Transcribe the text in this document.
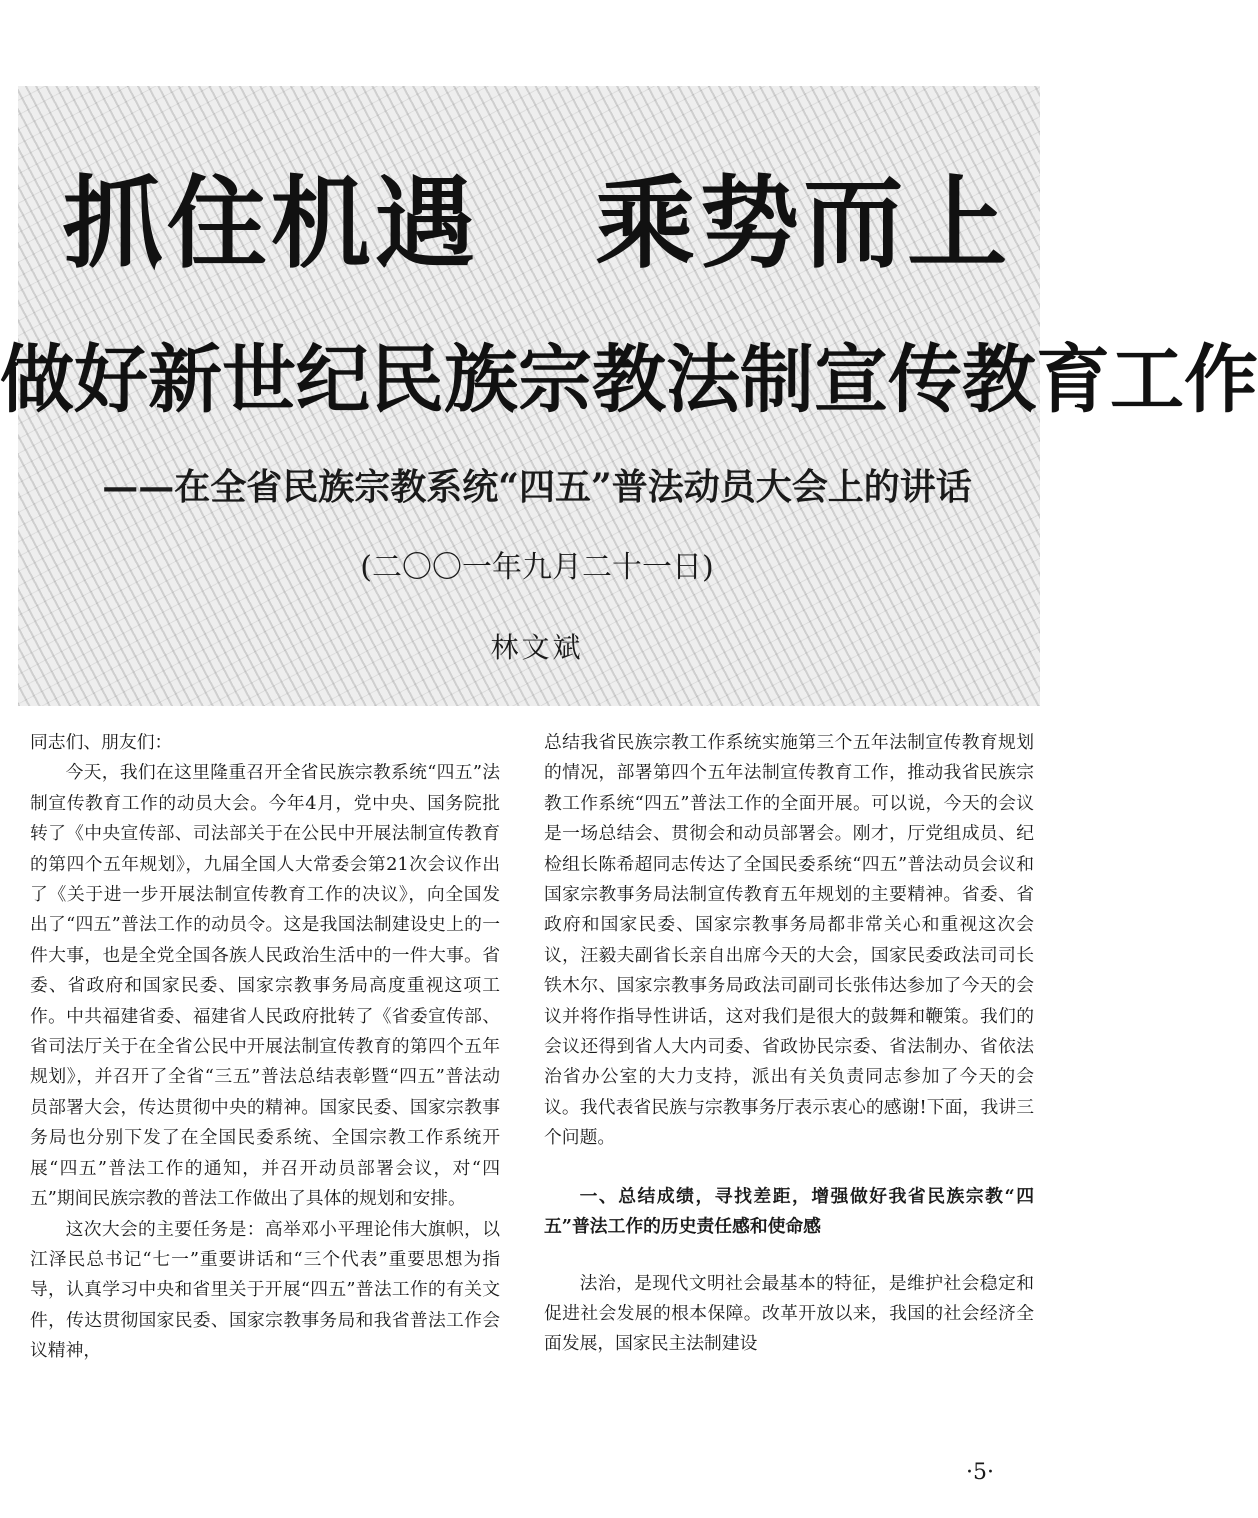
抓住机遇   乘势而上
做好新世纪民族宗教法制宣传教育工作
——在全省民族宗教系统“四五”普法动员大会上的讲话
(二〇〇一年九月二十一日)
林文斌

同志们、朋友们：

今天，我们在这里隆重召开全省民族宗教系统“四五”法制宣传教育工作的动员大会。今年4月，党中央、国务院批转了《中央宣传部、司法部关于在公民中开展法制宣传教育的第四个五年规划》，九届全国人大常委会第21次会议作出了《关于进一步开展法制宣传教育工作的决议》，向全国发出了“四五”普法工作的动员令。这是我国法制建设史上的一件大事，也是全党全国各族人民政治生活中的一件大事。省委、省政府和国家民委、国家宗教事务局高度重视这项工作。中共福建省委、福建省人民政府批转了《省委宣传部、省司法厅关于在全省公民中开展法制宣传教育的第四个五年规划》，并召开了全省“三五”普法总结表彰暨“四五”普法动员部署大会，传达贯彻中央的精神。国家民委、国家宗教事务局也分别下发了在全国民委系统、全国宗教工作系统开展“四五”普法工作的通知，并召开动员部署会议，对“四五”期间民族宗教的普法工作做出了具体的规划和安排。

这次大会的主要任务是：高举邓小平理论伟大旗帜，以江泽民总书记“七一”重要讲话和“三个代表”重要思想为指导，认真学习中央和省里关于开展“四五”普法工作的有关文件，传达贯彻国家民委、国家宗教事务局和我省普法工作会议精神，

总结我省民族宗教工作系统实施第三个五年法制宣传教育规划的情况，部署第四个五年法制宣传教育工作，推动我省民族宗教工作系统“四五”普法工作的全面开展。可以说，今天的会议是一场总结会、贯彻会和动员部署会。刚才，厅党组成员、纪检组长陈希超同志传达了全国民委系统“四五”普法动员会议和国家宗教事务局法制宣传教育五年规划的主要精神。省委、省政府和国家民委、国家宗教事务局都非常关心和重视这次会议，汪毅夫副省长亲自出席今天的大会，国家民委政法司司长铁木尔、国家宗教事务局政法司副司长张伟达参加了今天的会议并将作指导性讲话，这对我们是很大的鼓舞和鞭策。我们的会议还得到省人大内司委、省政协民宗委、省法制办、省依法治省办公室的大力支持，派出有关负责同志参加了今天的会议。我代表省民族与宗教事务厅表示衷心的感谢!下面，我讲三个问题。

一、总结成绩，寻找差距，增强做好我省民族宗教“四五”普法工作的历史责任感和使命感

法治，是现代文明社会最基本的特征，是维护社会稳定和促进社会发展的根本保障。改革开放以来，我国的社会经济全面发展，国家民主法制建设

·5·
